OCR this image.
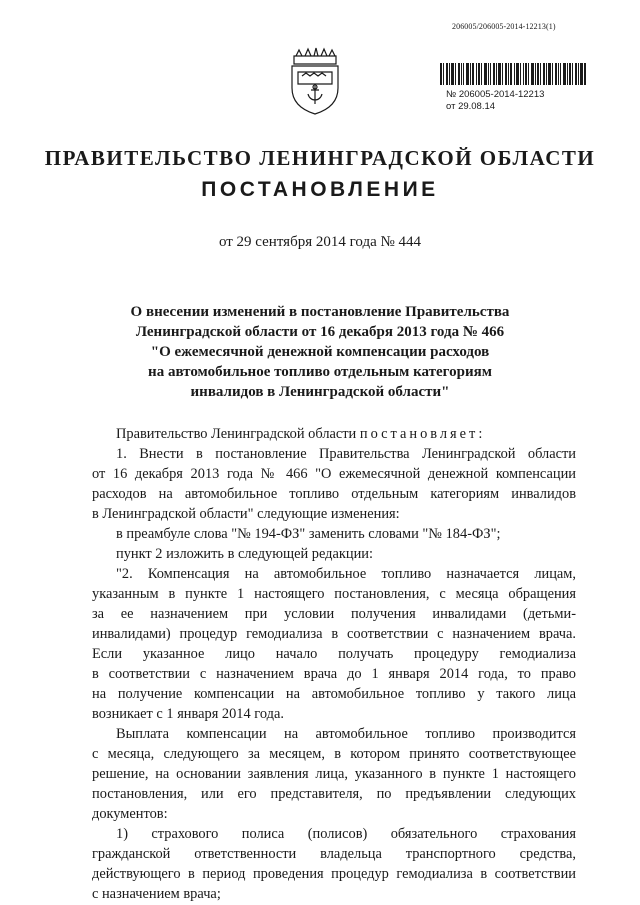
206005/206005-2014-12213(1)
№ 206005-2014-12213
от 29.08.14
ПРАВИТЕЛЬСТВО ЛЕНИНГРАДСКОЙ ОБЛАСТИ
ПОСТАНОВЛЕНИЕ
от 29 сентября 2014 года № 444
О внесении изменений в постановление Правительства
Ленинградской области от 16 декабря 2013 года № 466
"О ежемесячной денежной компенсации расходов
на автомобильное топливо отдельным категориям
инвалидов в Ленинградской области"
Правительство Ленинградской области постановляет:
1. Внести в постановление Правительства Ленинградской области
от 16 декабря 2013 года № 466 "О ежемесячной денежной компенсации
расходов на автомобильное топливо отдельным категориям инвалидов
в Ленинградской области" следующие изменения:
в преамбуле слова "№ 194-ФЗ" заменить словами "№ 184-ФЗ";
пункт 2 изложить в следующей редакции:
"2. Компенсация на автомобильное топливо назначается лицам,
указанным в пункте 1 настоящего постановления, с месяца обращения
за ее назначением при условии получения инвалидами (детьми-
инвалидами) процедур гемодиализа в соответствии с назначением врача.
Если указанное лицо начало получать процедуру гемодиализа
в соответствии с назначением врача до 1 января 2014 года, то право
на получение компенсации на автомобильное топливо у такого лица
возникает с 1 января 2014 года.
Выплата компенсации на автомобильное топливо производится
с месяца, следующего за месяцем, в котором принято соответствующее
решение, на основании заявления лица, указанного в пункте 1 настоящего
постановления, или его представителя, по предъявлении следующих
документов:
1) страхового полиса (полисов) обязательного страхования
гражданской ответственности владельца транспортного средства,
действующего в период проведения процедур гемодиализа в соответствии
с назначением врача;
